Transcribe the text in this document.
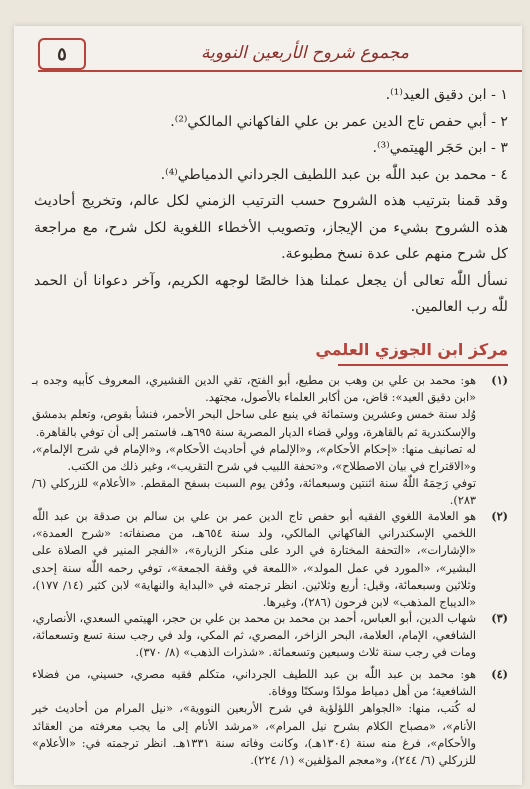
٥	مجموع شروح الأربعين النووية

١ - ابن دقيق العيد⁽¹⁾.

٢ - أبي حفص تاج الدين عمر بن علي الفاكهاني المالكي⁽²⁾.

٣ - ابن حَجَر الهيتمي⁽³⁾.

٤ - محمد بن عبد اللّٰه بن عبد اللطيف الجرداني الدمياطي⁽⁴⁾.

وقد قمنا بترتيب هذه الشروح حسب الترتيب الزمني لكل عالم، وتخريج أحاديث هذه الشروح بشيء من الإيجاز، وتصويب الأخطاء اللغوية لكل شرح، مع مراجعة كل شرح منهم على عدة نسخ مطبوعة.

نسأل اللّٰه تعالى أن يجعل عملنا هذا خالصًا لوجهه الكريم، وآخر دعوانا أن الحمد للّٰه رب العالمين.

مركز ابن الجوزي العلمي
(١)
هو: محمد بن علي بن وهب بن مطيع، أبو الفتح، تقي الدين القشيري، المعروف كأبيه وجده بـ «ابن دقيق العيد»: قاض، من أكابر العلماء بالأصول، مجتهد.
وُلد سنة خمس وعشرين وستمائة في ينبع على ساحل البحر الأحمر، فنشأ بقوص، وتعلم بدمشق والإسكندرية ثم بالقاهرة، وولي قضاء الديار المصرية سنة ٦٩٥هـ، فاستمر إلى أن توفي بالقاهرة.
له تصانيف منها: «إحكام الأحكام»، و«الإلمام في أحاديث الأحكام»، و«الإمام في شرح الإلمام»، و«الاقتراح في بيان الاصطلاح»، و«تحفة اللبيب في شرح التقريب»، وغير ذلك من الكتب.
توفي رَحِمَهُ اللّٰهُ سنة اثنتين وسبعمائة، ودُفن يوم السبت بسفح المقطم. «الأعلام» للزركلي (٦/ ٢٨٣).
(٢)
هو العلامة اللغوي الفقيه أبو حفص تاج الدين عمر بن علي بن سالم بن صدقة بن عبد اللّٰه اللخمي الإسكندراني الفاكهاني المالكي، ولد سنة ٦٥٤هـ، من مصنفاته: «شرح العمدة»، «الإشارات»، «التحفة المختارة في الرد على منكر الزيارة»، «الفجر المنير في الصلاة على البشير»، «المورد في عمل المولد»، «اللمعة في وقفة الجمعة»، توفي رحمه اللّٰه سنة إحدى وثلاثين وسبعمائة، وقيل: أربع وثلاثين. انظر ترجمته في «البداية والنهاية» لابن كثير (١٤/ ١٧٧)، «الديباج المذهب» لابن فرحون (٢٨٦)، وغيرها.
(٣)
شهاب الدين، أبو العباس، أحمد بن محمد بن محمد بن علي بن حجر، الهيتمي السعدي، الأنصاري، الشافعي، الإمام، العلامة، البحر الزاخر، المصري، ثم المكي، ولد في رجب سنة تسع وتسعمائة، ومات في رجب سنة ثلاث وسبعين وتسعمائة. «شذرات الذهب» (٨/ ٣٧٠).
(٤)
هو: محمد بن عبد اللّٰه بن عبد اللطيف الجرداني، متكلم فقيه مصري، حسيني، من فضلاء الشافعية؛ من أهل دمياط مولدًا وسكنًا ووفاة.
له كُتب، منها: «الجواهر اللؤلؤية في شرح الأربعين النووية»، «نيل المرام من أحاديث خير الأنام»، «مصباح الكلام بشرح نيل المرام»، «مرشد الأنام إلى ما يجب معرفته من العقائد والأحكام»، فرغ منه سنة (١٣٠٤هـ)، وكانت وفاته سنة ١٣٣١هـ. انظر ترجمته في: «الأعلام» للزركلي (٦/ ٢٤٤)، و«معجم المؤلفين» (١/ ٢٢٤).
